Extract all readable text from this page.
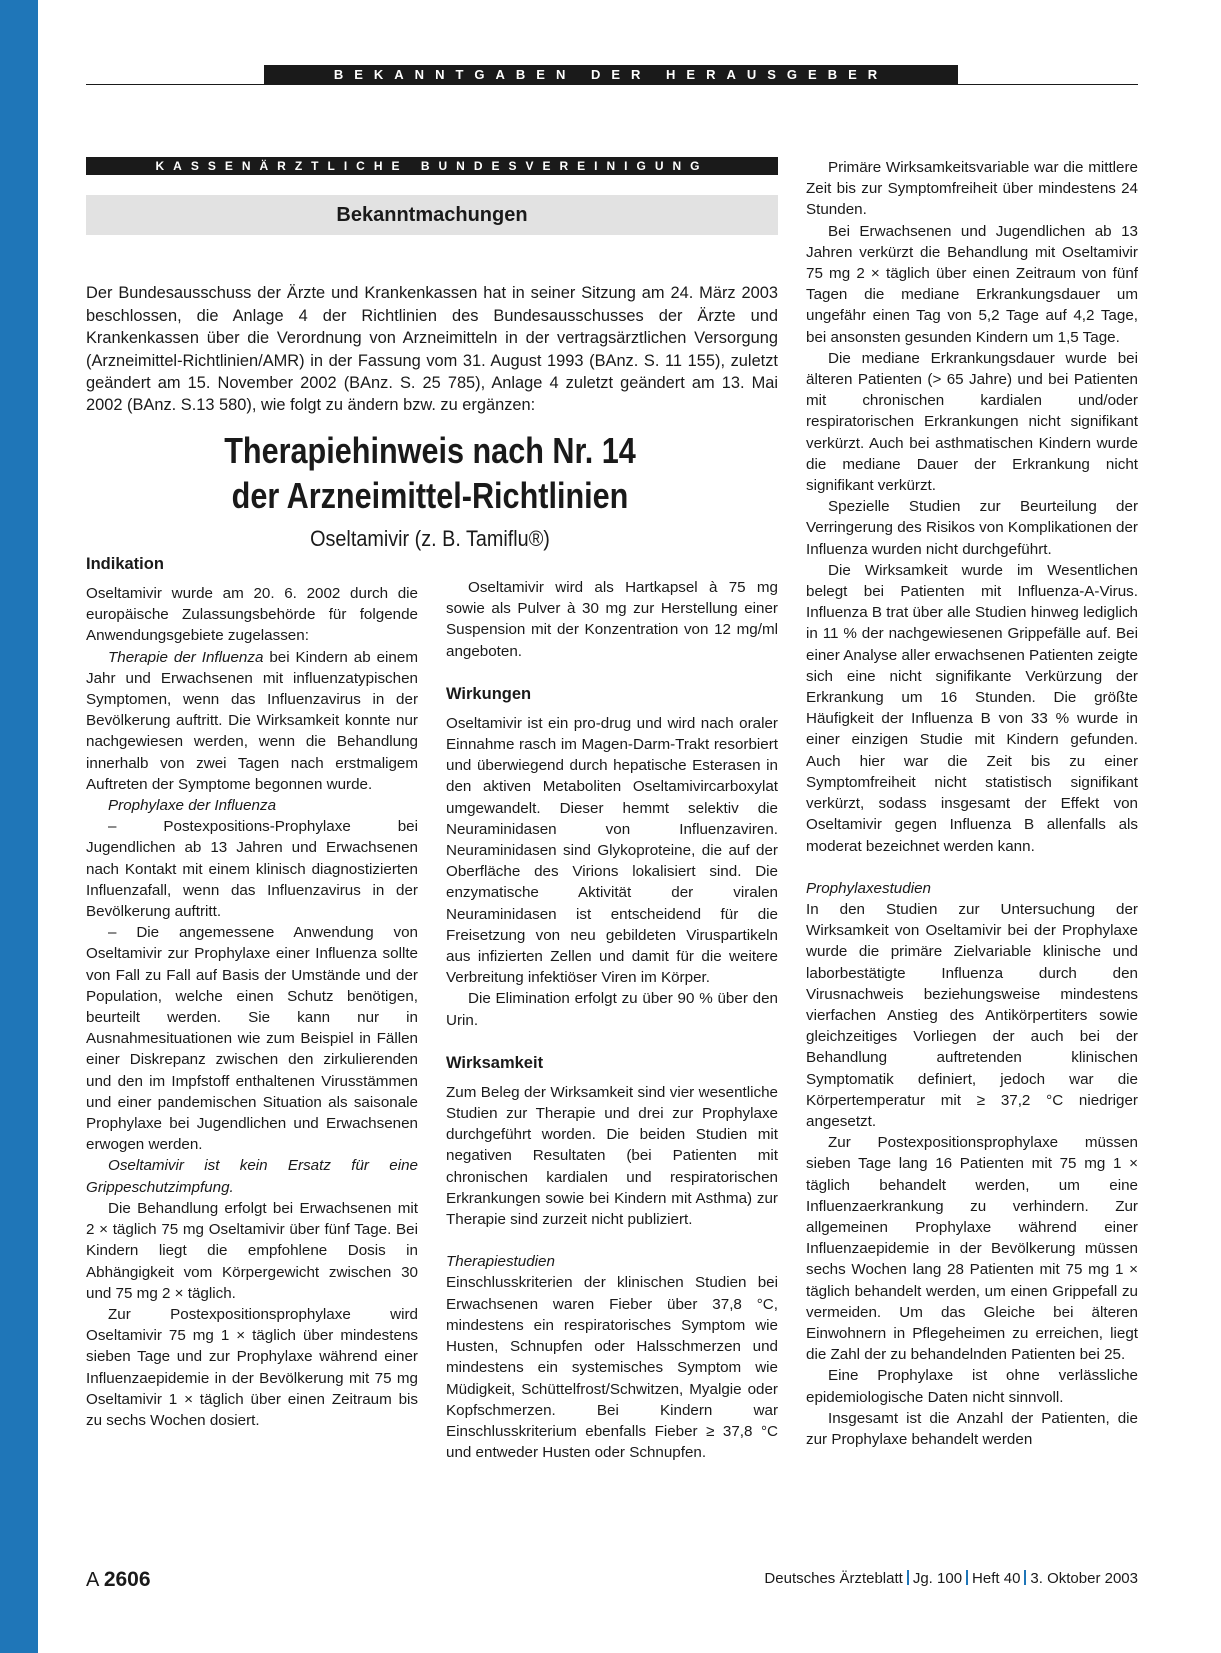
BEKANNTGABEN DER HERAUSGEBER
KASSENÄRZTLICHE BUNDESVEREINIGUNG
Bekanntmachungen

Der Bundesausschuss der Ärzte und Krankenkassen hat in seiner Sitzung am 24. März 2003 beschlossen, die Anlage 4 der Richtlinien des Bundesausschusses der Ärzte und Krankenkassen über die Verordnung von Arzneimitteln in der vertragsärztlichen Versorgung (Arzneimittel-Richtlinien/AMR) in der Fassung vom 31. August 1993 (BAnz. S. 11 155), zuletzt geändert am 15. November 2002 (BAnz. S. 25 785), Anlage 4 zuletzt geändert am 13. Mai 2002 (BAnz. S.13 580), wie folgt zu ändern bzw. zu ergänzen:

Therapiehinweis nach Nr. 14
der Arzneimittel-Richtlinien
Oseltamivir (z. B. Tamiflu®)
Indikation

Oseltamivir wurde am 20. 6. 2002 durch die europäische Zulassungsbehörde für folgende Anwendungsgebiete zugelassen:

Therapie der Influenza bei Kindern ab einem Jahr und Erwachsenen mit influenzatypischen Symptomen, wenn das Influenzavirus in der Bevölkerung auftritt. Die Wirksamkeit konnte nur nachgewiesen werden, wenn die Behandlung innerhalb von zwei Tagen nach erstmaligem Auftreten der Symptome begonnen wurde.

Prophylaxe der Influenza

– Postexpositions-Prophylaxe bei Jugendlichen ab 13 Jahren und Erwachsenen nach Kontakt mit einem klinisch diagnostizierten Influenzafall, wenn das Influenzavirus in der Bevölkerung auftritt.

– Die angemessene Anwendung von Oseltamivir zur Prophylaxe einer Influenza sollte von Fall zu Fall auf Basis der Umstände und der Population, welche einen Schutz benötigen, beurteilt werden. Sie kann nur in Ausnahmesituationen wie zum Beispiel in Fällen einer Diskrepanz zwischen den zirkulierenden und den im Impfstoff enthaltenen Virusstämmen und einer pandemischen Situation als saisonale Prophylaxe bei Jugendlichen und Erwachsenen erwogen werden.

Oseltamivir ist kein Ersatz für eine Grippeschutzimpfung.

Die Behandlung erfolgt bei Erwachsenen mit 2 × täglich 75 mg Oseltamivir über fünf Tage. Bei Kindern liegt die empfohlene Dosis in Abhängigkeit vom Körpergewicht zwischen 30 und 75 mg 2 × täglich.

Zur Postexpositionsprophylaxe wird Oseltamivir 75 mg 1 × täglich über mindestens sieben Tage und zur Prophylaxe während einer Influenzaepidemie in der Bevölkerung mit 75 mg Oseltamivir 1 × täglich über einen Zeitraum bis zu sechs Wochen dosiert.

Oseltamivir wird als Hartkapsel à 75 mg sowie als Pulver à 30 mg zur Herstellung einer Suspension mit der Konzentration von 12 mg/ml angeboten.

Wirkungen

Oseltamivir ist ein pro-drug und wird nach oraler Einnahme rasch im Magen-Darm-Trakt resorbiert und überwiegend durch hepatische Esterasen in den aktiven Metaboliten Oseltamivircarboxylat umgewandelt. Dieser hemmt selektiv die Neuraminidasen von Influenzaviren. Neuraminidasen sind Glykoproteine, die auf der Oberfläche des Virions lokalisiert sind. Die enzymatische Aktivität der viralen Neuraminidasen ist entscheidend für die Freisetzung von neu gebildeten Viruspartikeln aus infizierten Zellen und damit für die weitere Verbreitung infektiöser Viren im Körper.

Die Elimination erfolgt zu über 90 % über den Urin.

Wirksamkeit

Zum Beleg der Wirksamkeit sind vier wesentliche Studien zur Therapie und drei zur Prophylaxe durchgeführt worden. Die beiden Studien mit negativen Resultaten (bei Patienten mit chronischen kardialen und respiratorischen Erkrankungen sowie bei Kindern mit Asthma) zur Therapie sind zurzeit nicht publiziert.

Therapiestudien

Einschlusskriterien der klinischen Studien bei Erwachsenen waren Fieber über 37,8 °C, mindestens ein respiratorisches Symptom wie Husten, Schnupfen oder Halsschmerzen und mindestens ein systemisches Symptom wie Müdigkeit, Schüttelfrost/Schwitzen, Myalgie oder Kopfschmerzen. Bei Kindern war Einschlusskriterium ebenfalls Fieber ≥ 37,8 °C und entweder Husten oder Schnupfen.

Primäre Wirksamkeitsvariable war die mittlere Zeit bis zur Symptomfreiheit über mindestens 24 Stunden.

Bei Erwachsenen und Jugendlichen ab 13 Jahren verkürzt die Behandlung mit Oseltamivir 75 mg 2 × täglich über einen Zeitraum von fünf Tagen die mediane Erkrankungsdauer um ungefähr einen Tag von 5,2 Tage auf 4,2 Tage, bei ansonsten gesunden Kindern um 1,5 Tage.

Die mediane Erkrankungsdauer wurde bei älteren Patienten (> 65 Jahre) und bei Patienten mit chronischen kardialen und/oder respiratorischen Erkrankungen nicht signifikant verkürzt. Auch bei asthmatischen Kindern wurde die mediane Dauer der Erkrankung nicht signifikant verkürzt.

Spezielle Studien zur Beurteilung der Verringerung des Risikos von Komplikationen der Influenza wurden nicht durchgeführt.

Die Wirksamkeit wurde im Wesentlichen belegt bei Patienten mit Influenza-A-Virus. Influenza B trat über alle Studien hinweg lediglich in 11 % der nachgewiesenen Grippefälle auf. Bei einer Analyse aller erwachsenen Patienten zeigte sich eine nicht signifikante Verkürzung der Erkrankung um 16 Stunden. Die größte Häufigkeit der Influenza B von 33 % wurde in einer einzigen Studie mit Kindern gefunden. Auch hier war die Zeit bis zu einer Symptomfreiheit nicht statistisch signifikant verkürzt, sodass insgesamt der Effekt von Oseltamivir gegen Influenza B allenfalls als moderat bezeichnet werden kann.

Prophylaxestudien

In den Studien zur Untersuchung der Wirksamkeit von Oseltamivir bei der Prophylaxe wurde die primäre Zielvariable klinische und laborbestätigte Influenza durch den Virusnachweis beziehungsweise mindestens vierfachen Anstieg des Antikörpertiters sowie gleichzeitiges Vorliegen der auch bei der Behandlung auftretenden klinischen Symptomatik definiert, jedoch war die Körpertemperatur mit ≥ 37,2 °C niedriger angesetzt.

Zur Postexpositionsprophylaxe müssen sieben Tage lang 16 Patienten mit 75 mg 1 × täglich behandelt werden, um eine Influenzaerkrankung zu verhindern. Zur allgemeinen Prophylaxe während einer Influenzaepidemie in der Bevölkerung müssen sechs Wochen lang 28 Patienten mit 75 mg 1 × täglich behandelt werden, um einen Grippefall zu vermeiden. Um das Gleiche bei älteren Einwohnern in Pflegeheimen zu erreichen, liegt die Zahl der zu behandelnden Patienten bei 25.

Eine Prophylaxe ist ohne verlässliche epidemiologische Daten nicht sinnvoll.

Insgesamt ist die Anzahl der Patienten, die zur Prophylaxe behandelt werden

A 2606	Deutsches Ärzteblatt Jg. 100 Heft 40 3. Oktober 2003
